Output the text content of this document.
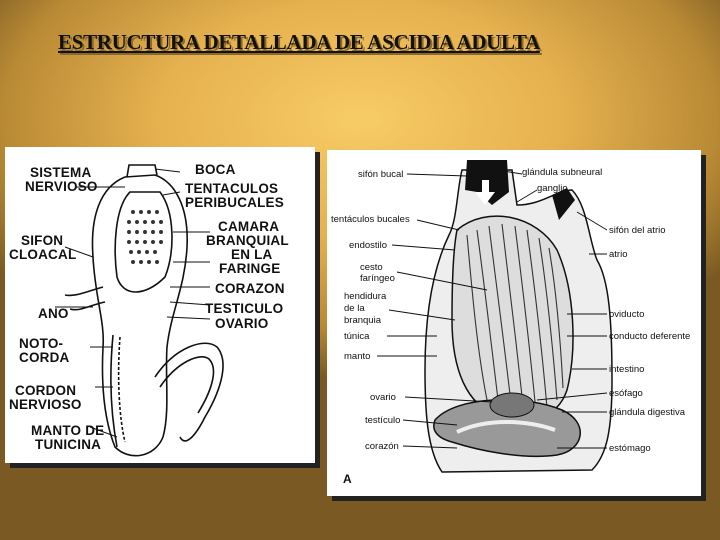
ESTRUCTURA DETALLADA DE ASCIDIA ADULTA
SISTEMA
NERVIOSO
SIFON
CLOACAL
ANO
NOTO-
CORDA
CORDON
NERVIOSO
MANTO DE
TUNICINA
BOCA
TENTACULOS
PERIBUCALES
CAMARA
BRANQUIAL
EN LA
FARINGE
CORAZON
TESTICULO
OVARIO
sifón bucal	glándula subneural
ganglio
tentáculos bucales
sifón del atrio
endostilo
atrio
cesto
faríngeo
hendidura
de la
branquia
oviducto
túnica	conducto deferente
manto
intestino
ovario	esófago
testículo
glándula digestiva
corazón	estómago
A
